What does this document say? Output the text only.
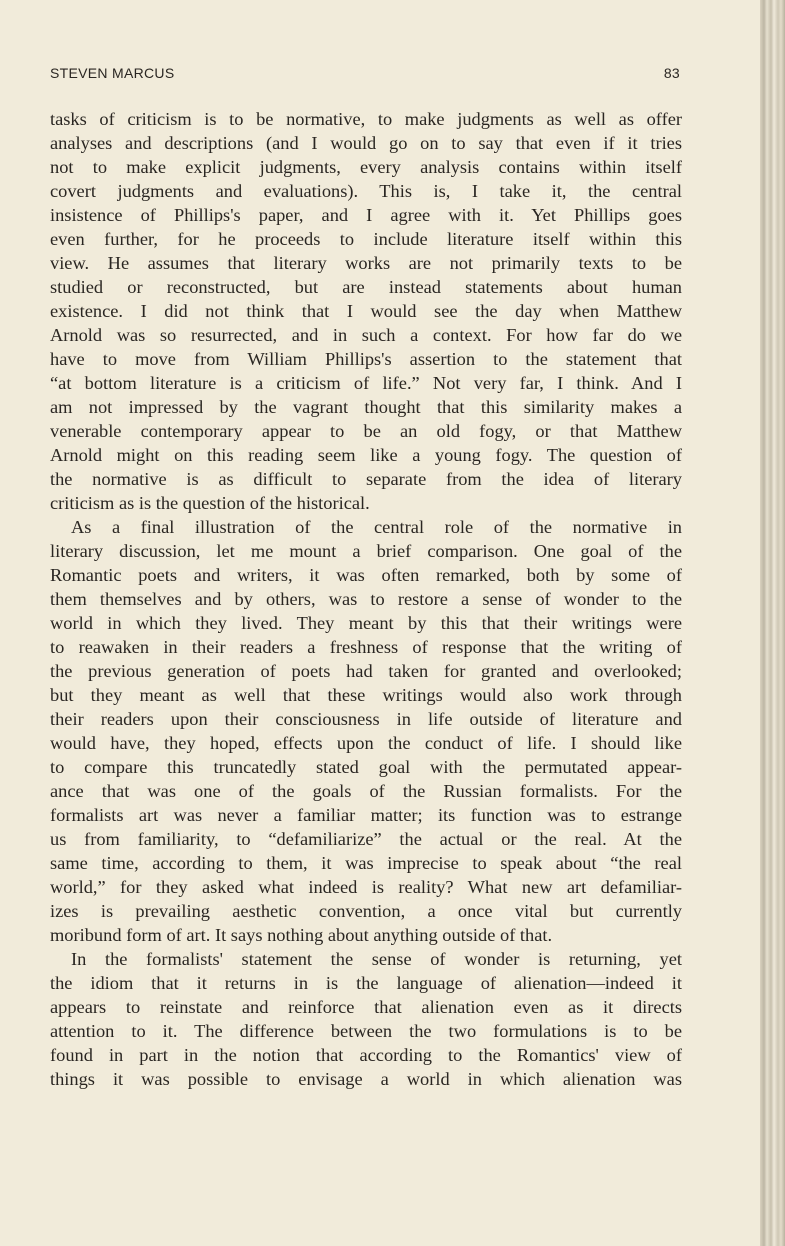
STEVEN MARCUS	83
tasks of criticism is to be normative, to make judgments as well as offer
analyses and descriptions (and I would go on to say that even if it tries
not to make explicit judgments, every analysis contains within itself
covert judgments and evaluations). This is, I take it, the central
insistence of Phillips's paper, and I agree with it. Yet Phillips goes
even further, for he proceeds to include literature itself within this
view. He assumes that literary works are not primarily texts to be
studied or reconstructed, but are instead statements about human
existence. I did not think that I would see the day when Matthew
Arnold was so resurrected, and in such a context. For how far do we
have to move from William Phillips's assertion to the statement that
“at bottom literature is a criticism of life.” Not very far, I think. And I
am not impressed by the vagrant thought that this similarity makes a
venerable contemporary appear to be an old fogy, or that Matthew
Arnold might on this reading seem like a young fogy. The question of
the normative is as difficult to separate from the idea of literary
criticism as is the question of the historical.
As a final illustration of the central role of the normative in
literary discussion, let me mount a brief comparison. One goal of the
Romantic poets and writers, it was often remarked, both by some of
them themselves and by others, was to restore a sense of wonder to the
world in which they lived. They meant by this that their writings were
to reawaken in their readers a freshness of response that the writing of
the previous generation of poets had taken for granted and overlooked;
but they meant as well that these writings would also work through
their readers upon their consciousness in life outside of literature and
would have, they hoped, effects upon the conduct of life. I should like
to compare this truncatedly stated goal with the permutated appear-
ance that was one of the goals of the Russian formalists. For the
formalists art was never a familiar matter; its function was to estrange
us from familiarity, to “defamiliarize” the actual or the real. At the
same time, according to them, it was imprecise to speak about “the real
world,” for they asked what indeed is reality? What new art defamiliar-
izes is prevailing aesthetic convention, a once vital but currently
moribund form of art. It says nothing about anything outside of that.
In the formalists' statement the sense of wonder is returning, yet
the idiom that it returns in is the language of alienation—indeed it
appears to reinstate and reinforce that alienation even as it directs
attention to it. The difference between the two formulations is to be
found in part in the notion that according to the Romantics' view of
things it was possible to envisage a world in which alienation was
